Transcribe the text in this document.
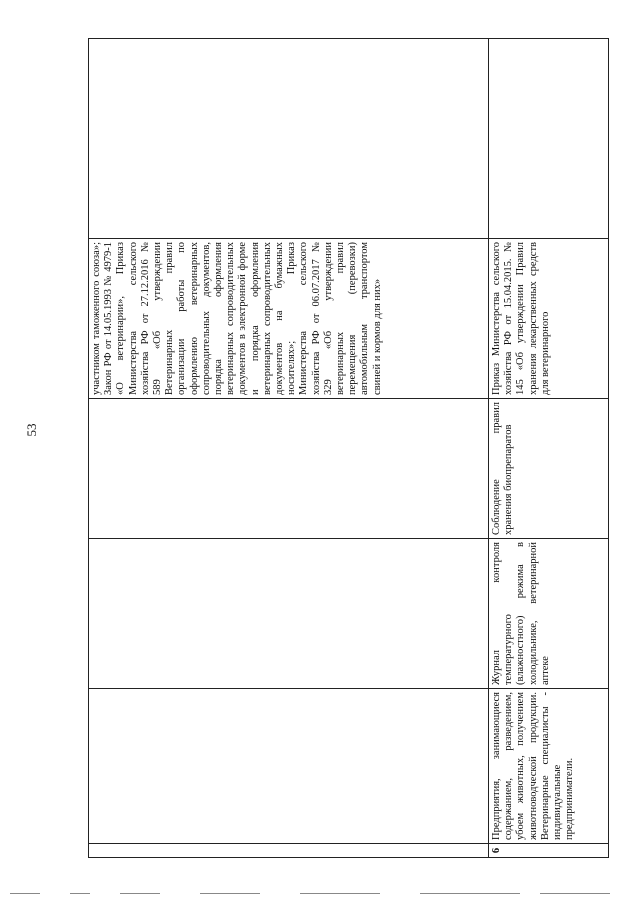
53
				участником таможенного союза»; Закон РФ от 14.05.1993 № 4979-1 «О ветеринарии», Приказ Министерства сельского хозяйства РФ от 27.12.2016 № 589 «Об утверждении Ветеринарных правил организации работы по оформлению ветеринарных сопроводительных документов, порядка оформления ветеринарных сопроводительных документов в электронной форме и порядка оформления ветеринарных сопроводительных документов на бумажных носителях»; Приказ Министерства сельского хозяйства РФ от 06.07.2017 № 329 «Об утверждении ветеринарных правил перемещения (перевозки) автомобильным транспортом свиней и кормов для них»	
6	Предприятия, занимающиеся содержанием, разведением, убоем животных, получением животноводческой продукции. Ветеринарные специалисты - индивидуальные предприниматели.	Журнал контроля температурного (влажностного) режима в холодильнике, ветеринарной аптеке	Соблюдение правил хранения биопрепаратов	Приказ Министерства сельского хозяйства РФ от 15.04.2015. № 145 «Об утверждении Правил хранения лекарственных средств для ветеринарного	
